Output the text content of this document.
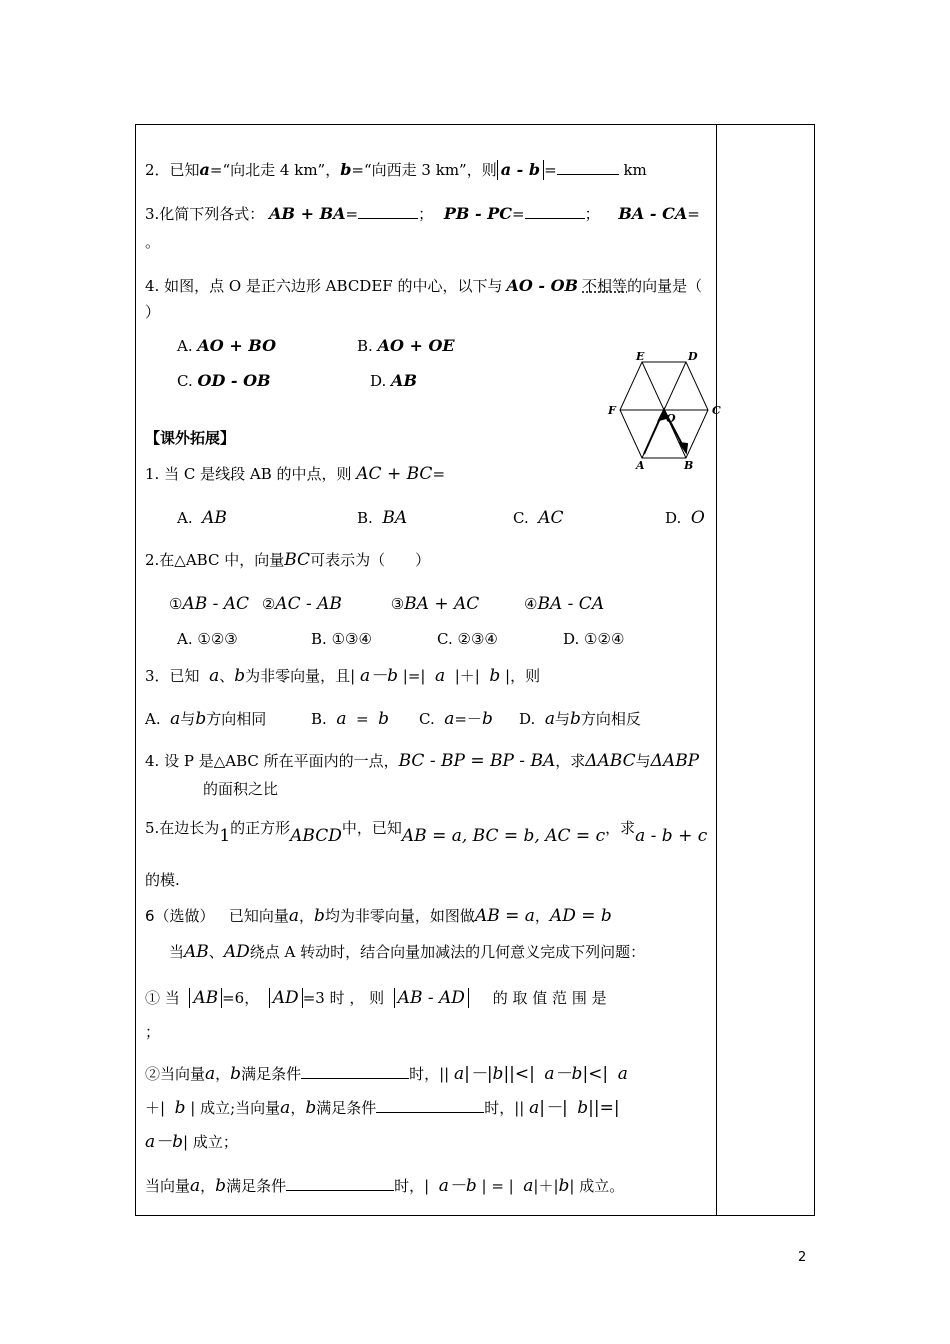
2．已知a=“向北走 4 km”，b=“向西走 3 km”，则 a - b =	km
3.化简下列各式： AB + BA=	； PB - PC=	； BA - CA=
。
4. 如图，点 O 是正六边形 ABCDEF 的中心，以下与 AO - OB 不相等的向量是（
）
A. AO + BO	B. AO + OE
C. OD - OB	D. AB
【课外拓展】
1. 当 C 是线段 AB 的中点，则 AC + BC=
A. AB	B. BA	C. AC	D. O
2.在△ABC 中，向量BC可表示为（　　）
①AB - AC ②AC - AB	③BA + AC	④BA - CA
A. ①②③	B. ①③④	C. ②③④	D. ①②④
3．已知 a、b为非零向量，且| a－b |=| a |＋| b |，则
A. a与b方向相同	B. a = b C. a=－b D. a与b方向相反
4. 设 P 是△ABC 所在平面内的一点，BC - BP = BP - BA，求ΔABC与ΔABP
的面积之比
5.在边长为1的正方形ABCD中，已知AB = a, BC = b, AC = c，求a - b + c
的模.
6（选做） 已知向量a，b均为非零向量，如图做AB = a，AD = b
当AB、AD绕点 A 转动时，结合向量加减法的几何意义完成下列问题：
① 当 AB =6， AD =3 时 ， 则 AB - AD 的 取 值 范 围 是
；
②当向量a，b满足条件	时，|| a|－|b||<| a－b|<| a
＋| b | 成立;当向量a，b满足条件	时，|| a|－| b||=|
a－b| 成立；
当向量a，b满足条件	时，| a－b | = | a|＋|b| 成立。
E	D
F	C
A	B
O
2
